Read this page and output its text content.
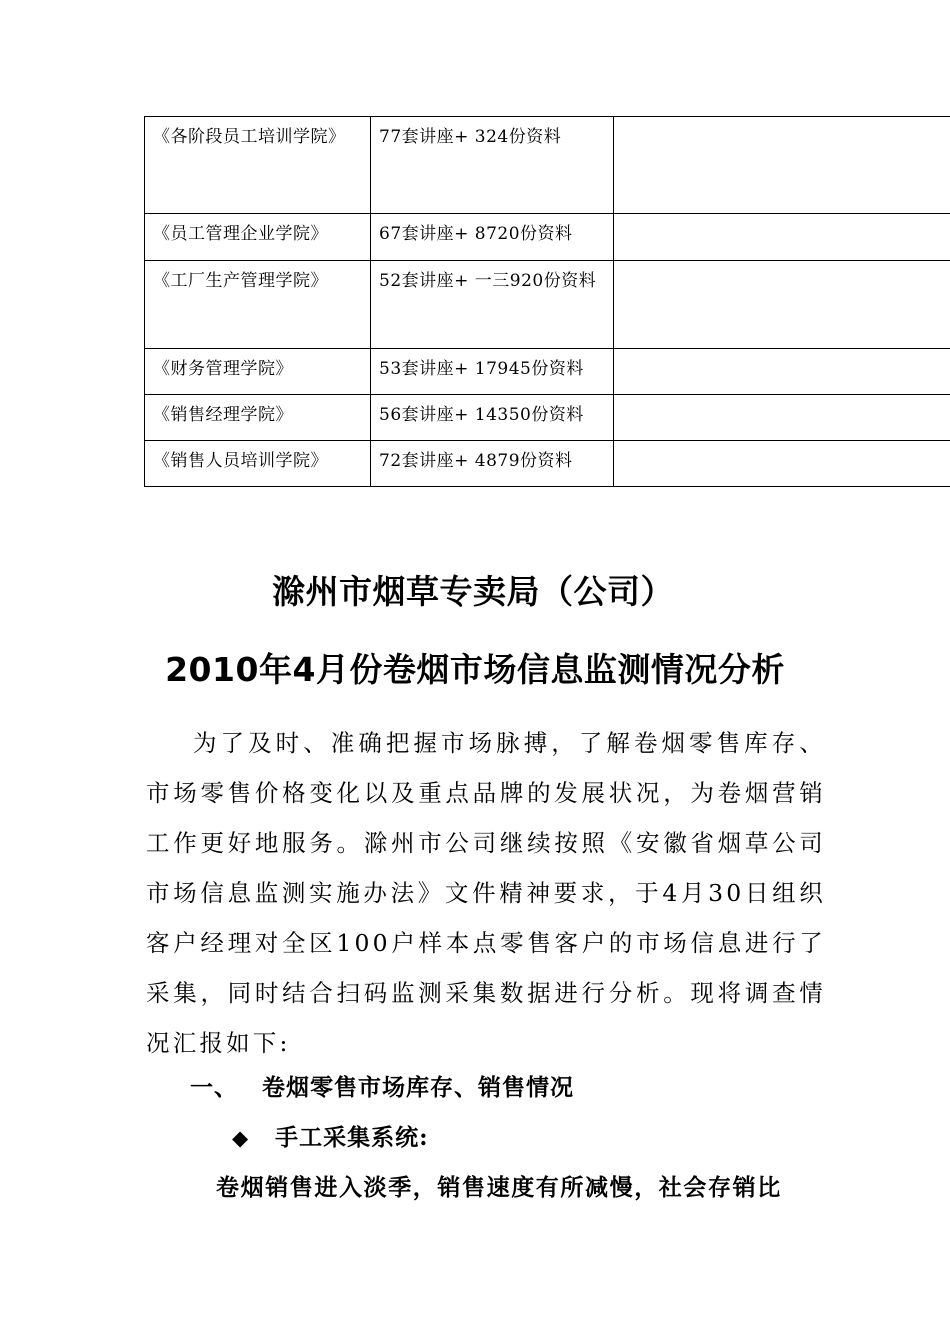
《各阶段员工培训学院》	77套讲座+ 324份资料	

《员工管理企业学院》	67套讲座+ 8720份资料	

《工厂生产管理学院》	52套讲座+ 一三920份资料	

《财务管理学院》	53套讲座+ 17945份资料	

《销售经理学院》	56套讲座+ 14350份资料	

《销售人员培训学院》	72套讲座+ 4879份资料	

滁州市烟草专卖局（公司）
2010年4月份卷烟市场信息监测情况分析
为了及时、准确把握市场脉搏，了解卷烟零售库存、市场零售价格变化以及重点品牌的发展状况，为卷烟营销工作更好地服务。滁州市公司继续按照《安徽省烟草公司市场信息监测实施办法》文件精神要求，于4月30日组织客户经理对全区100户样本点零售客户的市场信息进行了采集，同时结合扫码监测采集数据进行分析。现将调查情况汇报如下:
一、 卷烟零售市场库存、销售情况
◆ 手工采集系统:
卷烟销售进入淡季，销售速度有所减慢，社会存销比
